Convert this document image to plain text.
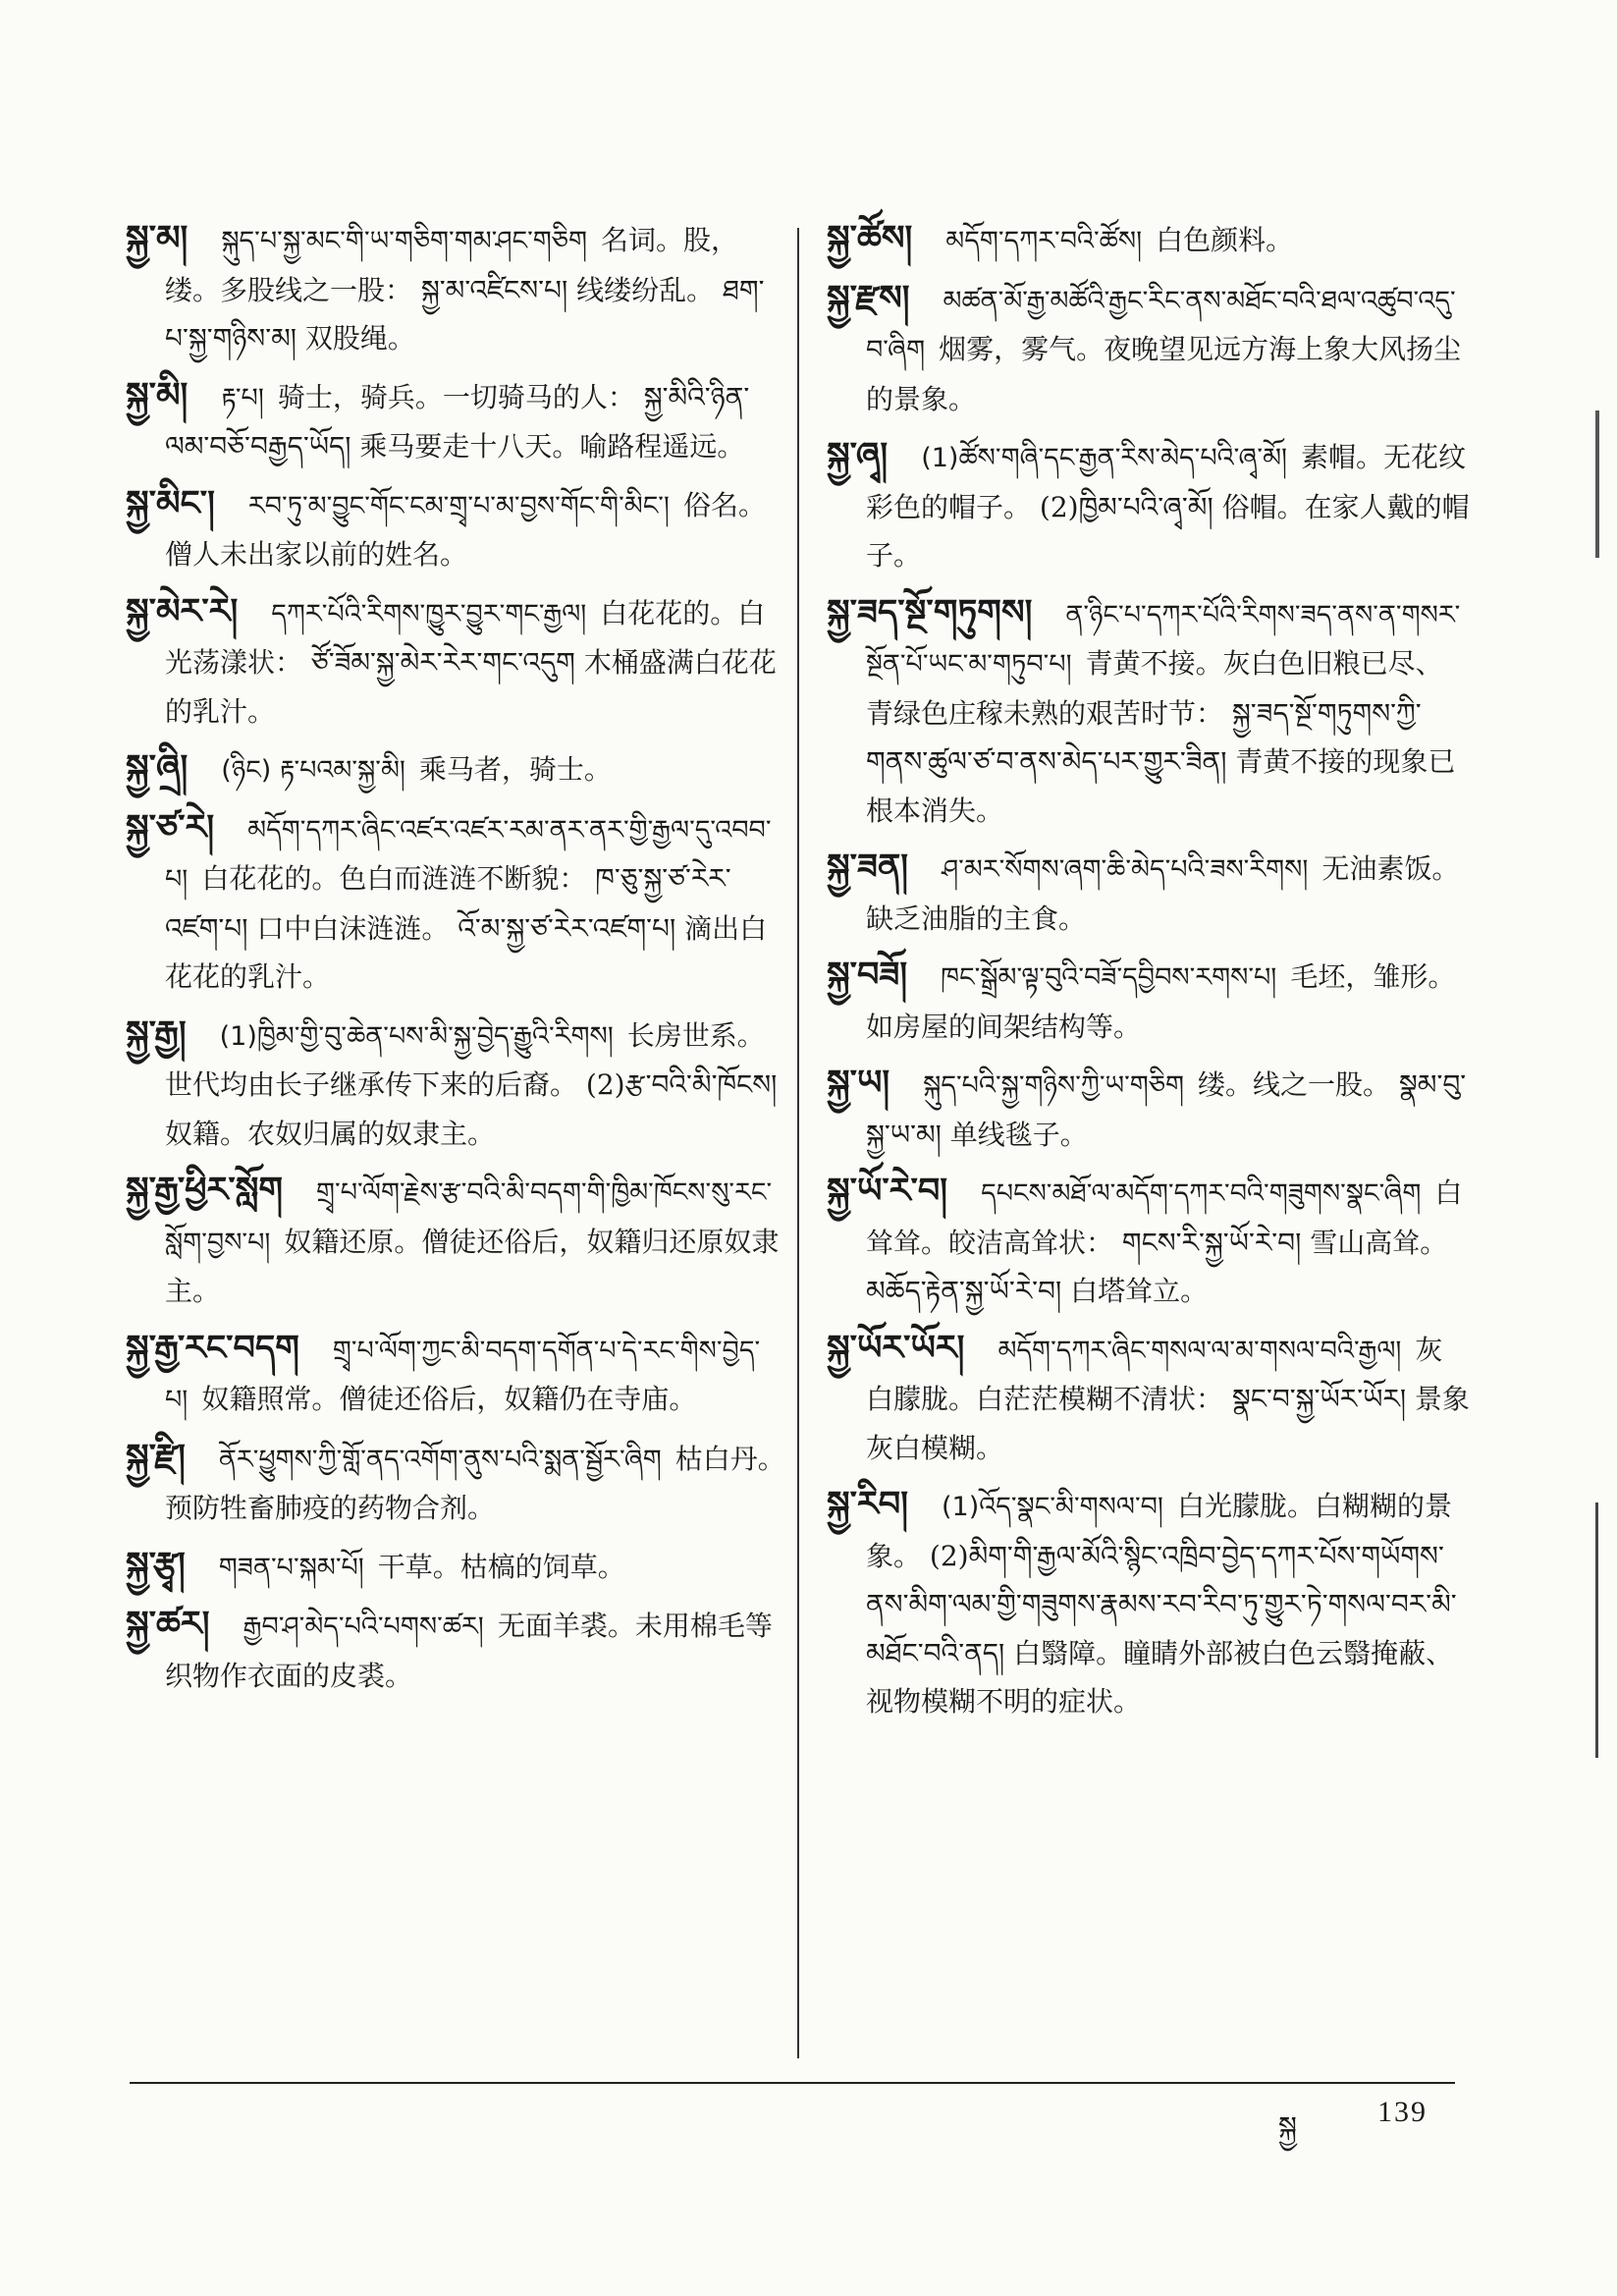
སྐྱ་མ། སྐུད་པ་སྐྱ་མང་གི་ཡ་གཅིག་གམ་ཤང་གཅིག 名词。股，缕。多股线之一股： སྐྱ་མ་འཛིངས་པ། 线缕纷乱。 ཐག་པ་སྐྱ་གཉིས་མ། 双股绳。
སྐྱ་མི། རྟ་པ། 骑士，骑兵。一切骑马的人： སྐྱ་མིའི་ཉིན་ལམ་བཅོ་བརྒྱད་ཡོད། 乘马要走十八天。喻路程遥远。
སྐྱ་མིང་། རབ་ཏུ་མ་བྱུང་གོང་ངམ་གྲྭ་པ་མ་བྱས་གོང་གི་མིང་། 俗名。僧人未出家以前的姓名。
སྐྱ་མེར་རེ། དཀར་པོའི་རིགས་ཁྱུར་བྱུར་གང་རྒྱལ། 白花花的。白光荡漾状： ཙོ་ཟོམ་སྐྱ་མེར་རེར་གང་འདུག 木桶盛满白花花的乳汁。
སྐྱ་ཞྲི། (ཉིང) རྟ་པའམ་སྐྱ་མི། 乘马者，骑士。
སྐྱ་ཙ་རེ། མདོག་དཀར་ཞིང་འཛར་འཛར་རམ་ནར་ནར་གྱི་རྒྱལ་དུ་འབབ་པ། 白花花的。色白而涟涟不断貌： ཁ་ཅུ་སྐྱ་ཙ་རེར་འཛག་པ། 口中白沫涟涟。 འོ་མ་སྐྱ་ཙ་རེར་འཛག་པ། 滴出白花花的乳汁。
སྐྱ་རྒྱ། (1)ཁྱིམ་གྱི་བུ་ཆེན་པས་མི་སྐྱ་བྱེད་རྒྱུའི་རིགས། 长房世系。世代均由长子继承传下来的后裔。 (2)རྩ་བའི་མི་ཁོངས། 奴籍。农奴归属的奴隶主。
སྐྱ་རྒྱ་ཕྱིར་སློག གྲྭ་པ་ལོག་རྗེས་རྩ་བའི་མི་བདག་གི་ཁྱིམ་ཁོངས་སུ་རང་སློག་བྱས་པ། 奴籍还原。僧徒还俗后，奴籍归还原奴隶主。
སྐྱ་རྒྱ་རང་བདག གྲྭ་པ་ལོག་ཀྱང་མི་བདག་དགོན་པ་དེ་རང་གིས་བྱེད་པ། 奴籍照常。僧徒还俗后，奴籍仍在寺庙。
སྐྱ་རྫི། ནོར་ཕྱུགས་ཀྱི་གློ་ནད་འགོག་ནུས་པའི་སྨན་སྦྱོར་ཞིག 枯白丹。预防牲畜肺疫的药物合剂。
སྐྱ་རྩྭ། གཟན་པ་སྐམ་པོ། 干草。枯槁的饲草。
སྐྱ་ཚར། རྒྱབ་ཤ་མེད་པའི་པགས་ཚར། 无面羊裘。未用棉毛等织物作衣面的皮裘。
སྐྱ་ཚོས། མདོག་དཀར་བའི་ཚོས། 白色颜料。
སྐྱ་རྫས། མཚན་མོ་རྒྱ་མཚོའི་རྒྱང་རིང་ནས་མཐོང་བའི་ཐལ་འཚུབ་འདུ་བ་ཞིག 烟雾，雾气。夜晚望见远方海上象大风扬尘的景象。
སྐྱ་ཞྭ། (1)ཚོས་གཞི་དང་རྒྱན་རིས་མེད་པའི་ཞྭ་མོ། 素帽。无花纹彩色的帽子。 (2)ཁྱིམ་པའི་ཞྭ་མོ། 俗帽。在家人戴的帽子。
སྐྱ་ཟད་སྔོ་གཏུགས། ན་ཉིང་པ་དཀར་པོའི་རིགས་ཟད་ནས་ན་གསར་སྔོན་པོ་ཡང་མ་གཏུབ་པ། 青黄不接。灰白色旧粮已尽、青绿色庄稼未熟的艰苦时节： སྐྱ་ཟད་སྔོ་གཏུགས་ཀྱི་གནས་ཚུལ་ཙ་བ་ནས་མེད་པར་གྱུར་ཟིན། 青黄不接的现象已根本消失。
སྐྱ་ཟན། ཤ་མར་སོགས་ཞག་ཆི་མེད་པའི་ཟས་རིགས། 无油素饭。缺乏油脂的主食。
སྐྱ་བཟོ། ཁང་སྒྲོམ་ལྟ་བུའི་བཟོ་དབྱིབས་རགས་པ། 毛坯，雏形。如房屋的间架结构等。
སྐྱ་ཡ། སྐུད་པའི་སྐྱ་གཉིས་ཀྱི་ཡ་གཅིག 缕。线之一股。 སྣམ་བུ་སྐྱ་ཡ་མ། 单线毯子。
སྐྱ་ཡོ་རེ་བ། དཔངས་མཐོ་ལ་མདོག་དཀར་བའི་གཟུགས་སྣང་ཞིག 白耸耸。皎洁高耸状： གངས་རི་སྐྱ་ཡོ་རེ་བ། 雪山高耸。 མཆོད་རྟེན་སྐྱ་ཡོ་རེ་བ། 白塔耸立。
སྐྱ་ཡོར་ཡོར། མདོག་དཀར་ཞིང་གསལ་ལ་མ་གསལ་བའི་རྒྱལ། 灰白朦胧。白茫茫模糊不清状： སྣང་བ་སྐྱ་ཡོར་ཡོར། 景象灰白模糊。
སྐྱ་རིབ། (1)འོད་སྣང་མི་གསལ་བ། 白光朦胧。白糊糊的景象。 (2)མིག་གི་རྒྱལ་མོའི་སྙིང་འཁྲིབ་བྱེད་དཀར་པོས་གཡོགས་ནས་མིག་ལམ་གྱི་གཟུགས་རྣམས་རབ་རིབ་ཏུ་གྱུར་ཏེ་གསལ་བར་མི་མཐོང་བའི་ནད། 白翳障。瞳睛外部被白色云翳掩蔽、视物模糊不明的症状。
སྐྱ	139
